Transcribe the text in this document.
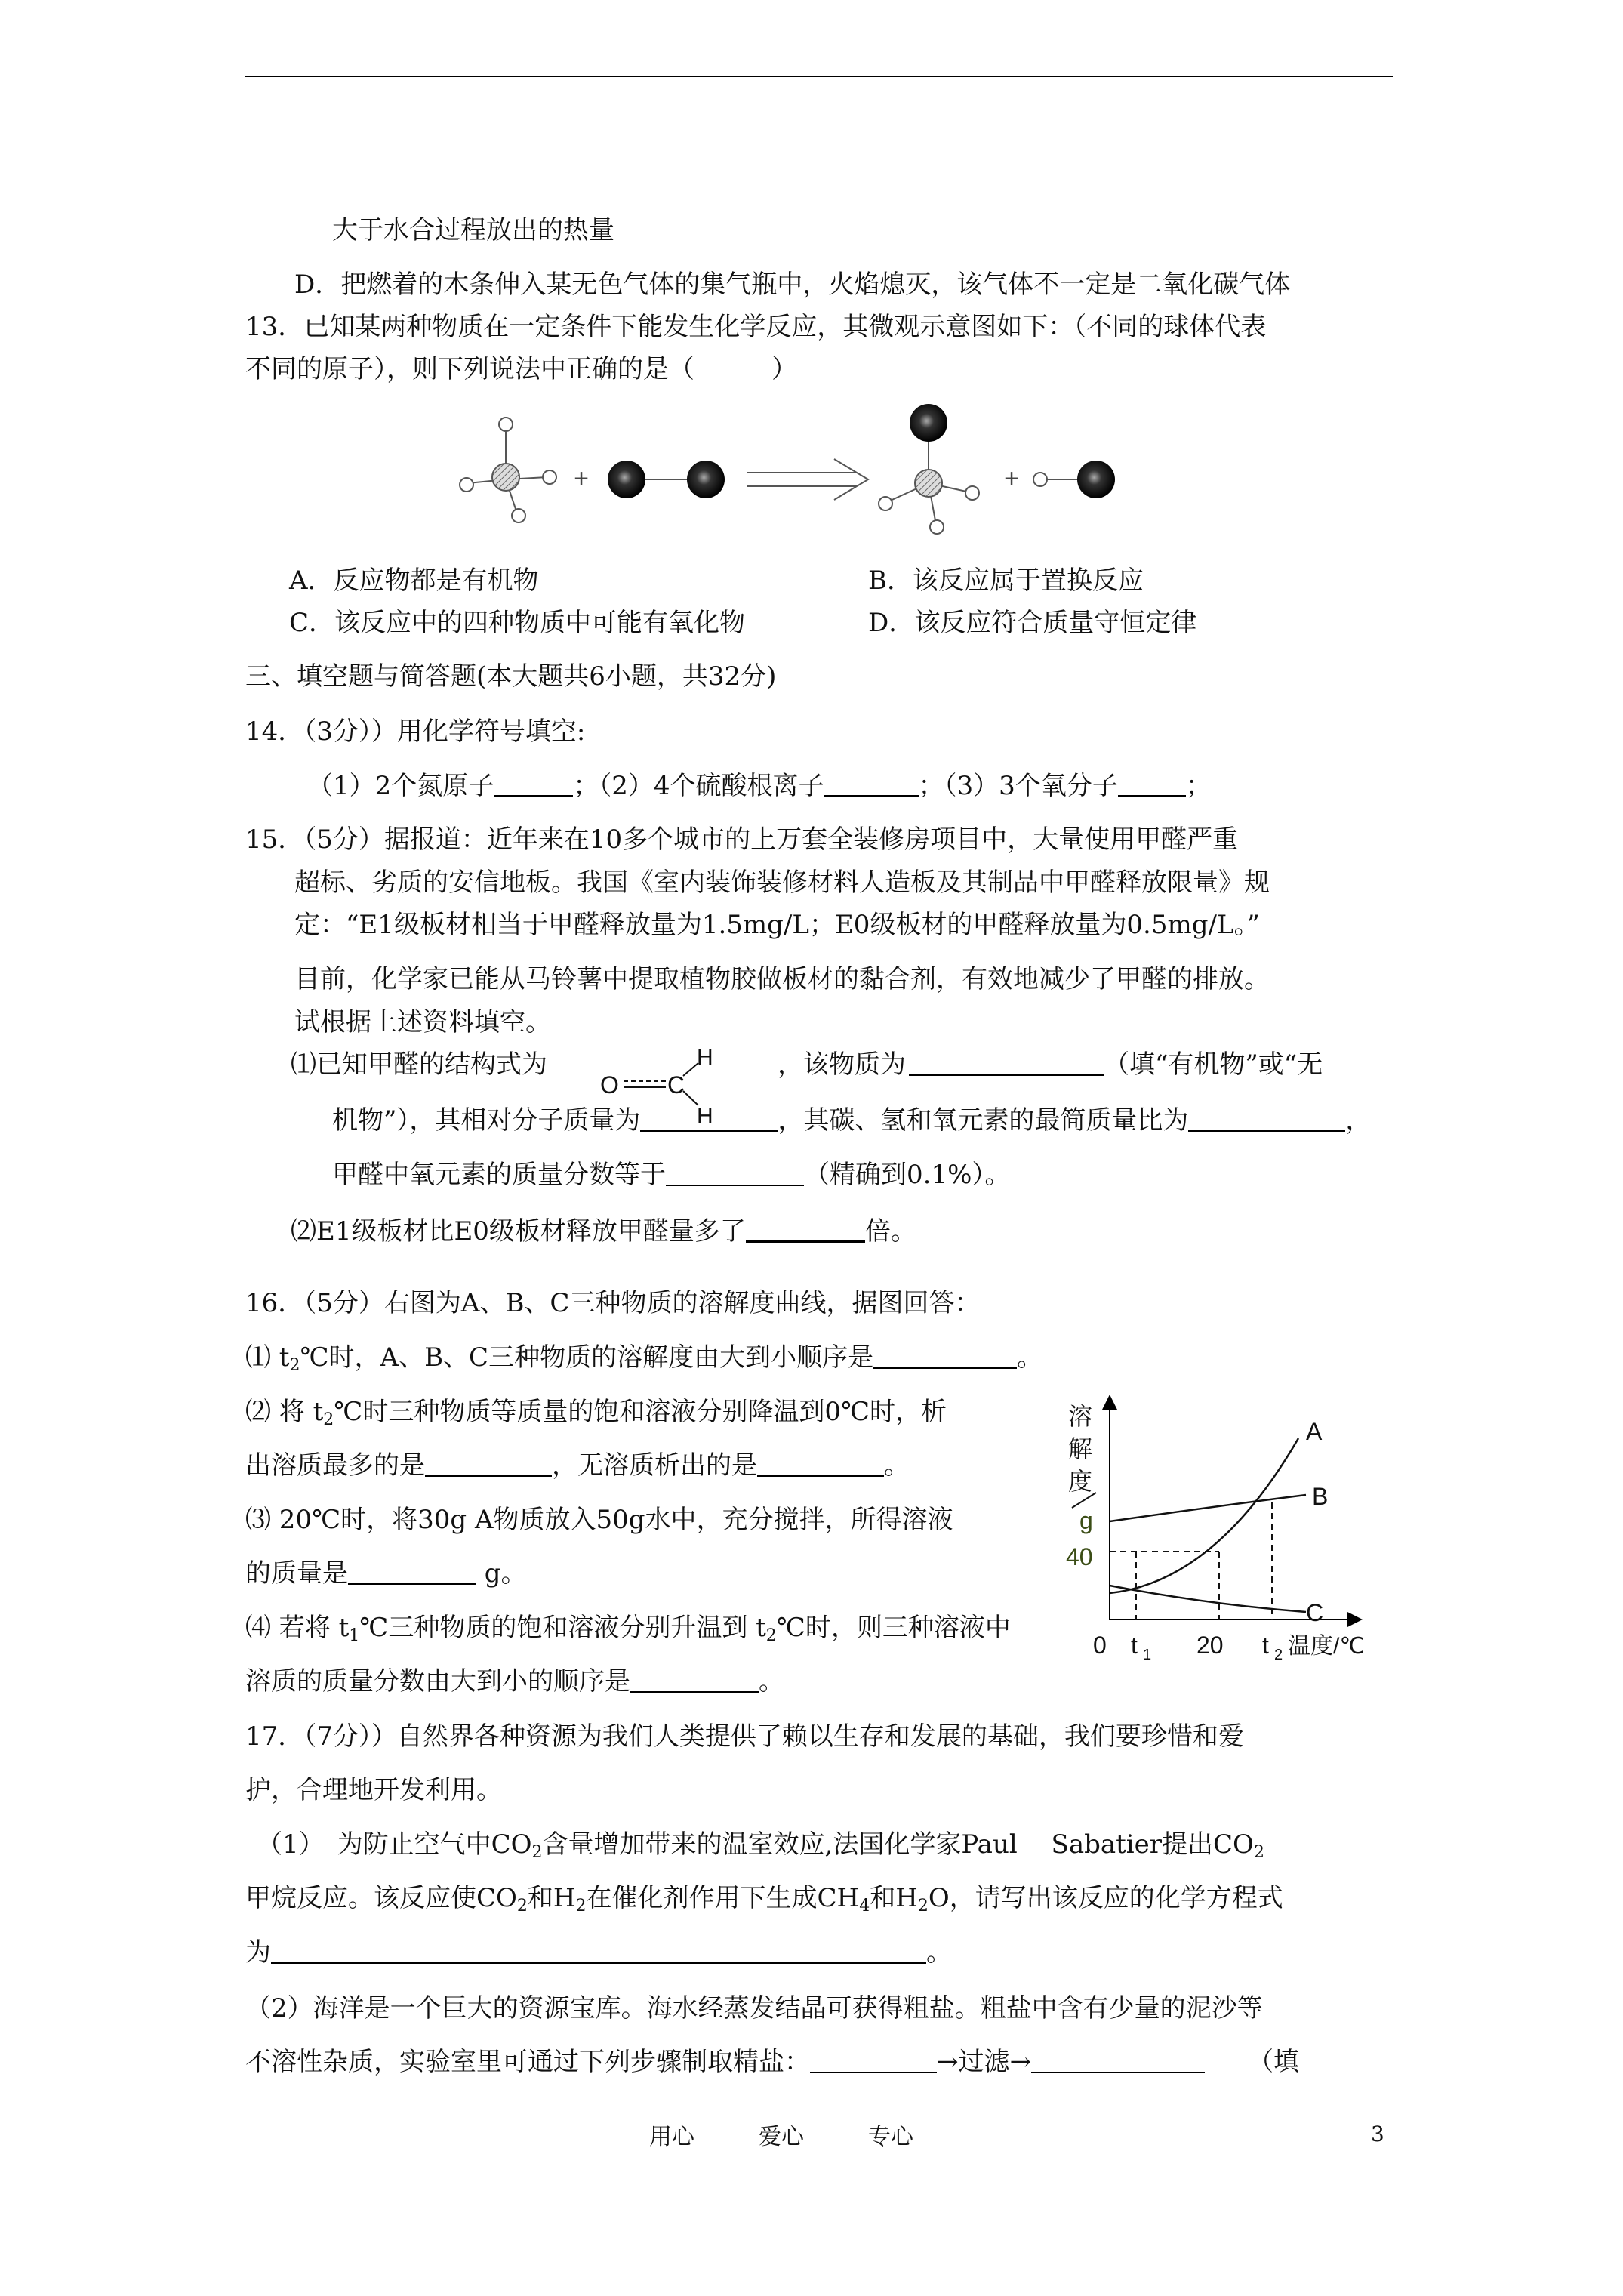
大于水合过程放出的热量
D．把燃着的木条伸入某无色气体的集气瓶中，火焰熄灭，该气体不一定是二氧化碳气体
13．已知某两种物质在一定条件下能发生化学反应，其微观示意图如下：（不同的球体代表
不同的原子），则下列说法中正确的是（　　　）
+	+
A．反应物都是有机物	B．该反应属于置换反应
C．该反应中的四种物质中可能有氧化物	D．该反应符合质量守恒定律
三、填空题与简答题(本大题共6小题，共32分)
14．（3分））用化学符号填空:
（1）2个氮原子	；（2）4个硫酸根离子	；（3）3个氧分子	；
15．（5分）据报道：近年来在10多个城市的上万套全装修房项目中，大量使用甲醛严重
超标、劣质的安信地板。我国《室内装饰装修材料人造板及其制品中甲醛释放限量》规
定：“E1级板材相当于甲醛释放量为1.5mg/L；E0级板材的甲醛释放量为0.5mg/L。”
目前，化学家已能从马铃薯中提取植物胶做板材的黏合剂，有效地减少了甲醛的排放。
试根据上述资料填空。
⑴已知甲醛的结构式为
O C
H
H
，该物质为	（填“有机物”或“无
机物”），其相对分子质量为	，其碳、氢和氧元素的最简质量比为	，
甲醛中氧元素的质量分数等于	（精确到0.1%）。
⑵E1级板材比E0级板材释放甲醛量多了	倍。
16．（5分）右图为A、B、C三种物质的溶解度曲线，据图回答：
⑴ $t_2℃$时，A、B、C三种物质的溶解度由大到小顺序是	。
⑵ 将 $t_2℃$时三种物质等质量的饱和溶液分别降温到0℃时，析
出溶质最多的是	，无溶质析出的是	。
⑶ 20℃时，将30g A物质放入50g水中，充分搅拌，所得溶液
的质量是	g。
⑷ 若将 $t_1℃$三种物质的饱和溶液分别升温到 $t_2℃$时，则三种溶液中
溶质的质量分数由大到小的顺序是	。
溶
解
度
g
40
A
B
C
0 t 1 20 t 2 温度/℃
17．（7分））自然界各种资源为我们人类提供了赖以生存和发展的基础，我们要珍惜和爱
护，合理地开发利用。
（1）　为防止空气中$CO_2$含量增加带来的温室效应,法国化学家Paul　 Sabatier提出$CO_2$
甲烷反应。该反应使$CO_2$和$H_2$在催化剂作用下生成$CH_4$和$H_2O$，请写出该反应的化学方程式
为	。
（2）海洋是一个巨大的资源宝库。海水经蒸发结晶可获得粗盐。粗盐中含有少量的泥沙等
不溶性杂质，实验室里可通过下列步骤制取精盐：	→过滤→	　（填
用心	爱心	专心	3
